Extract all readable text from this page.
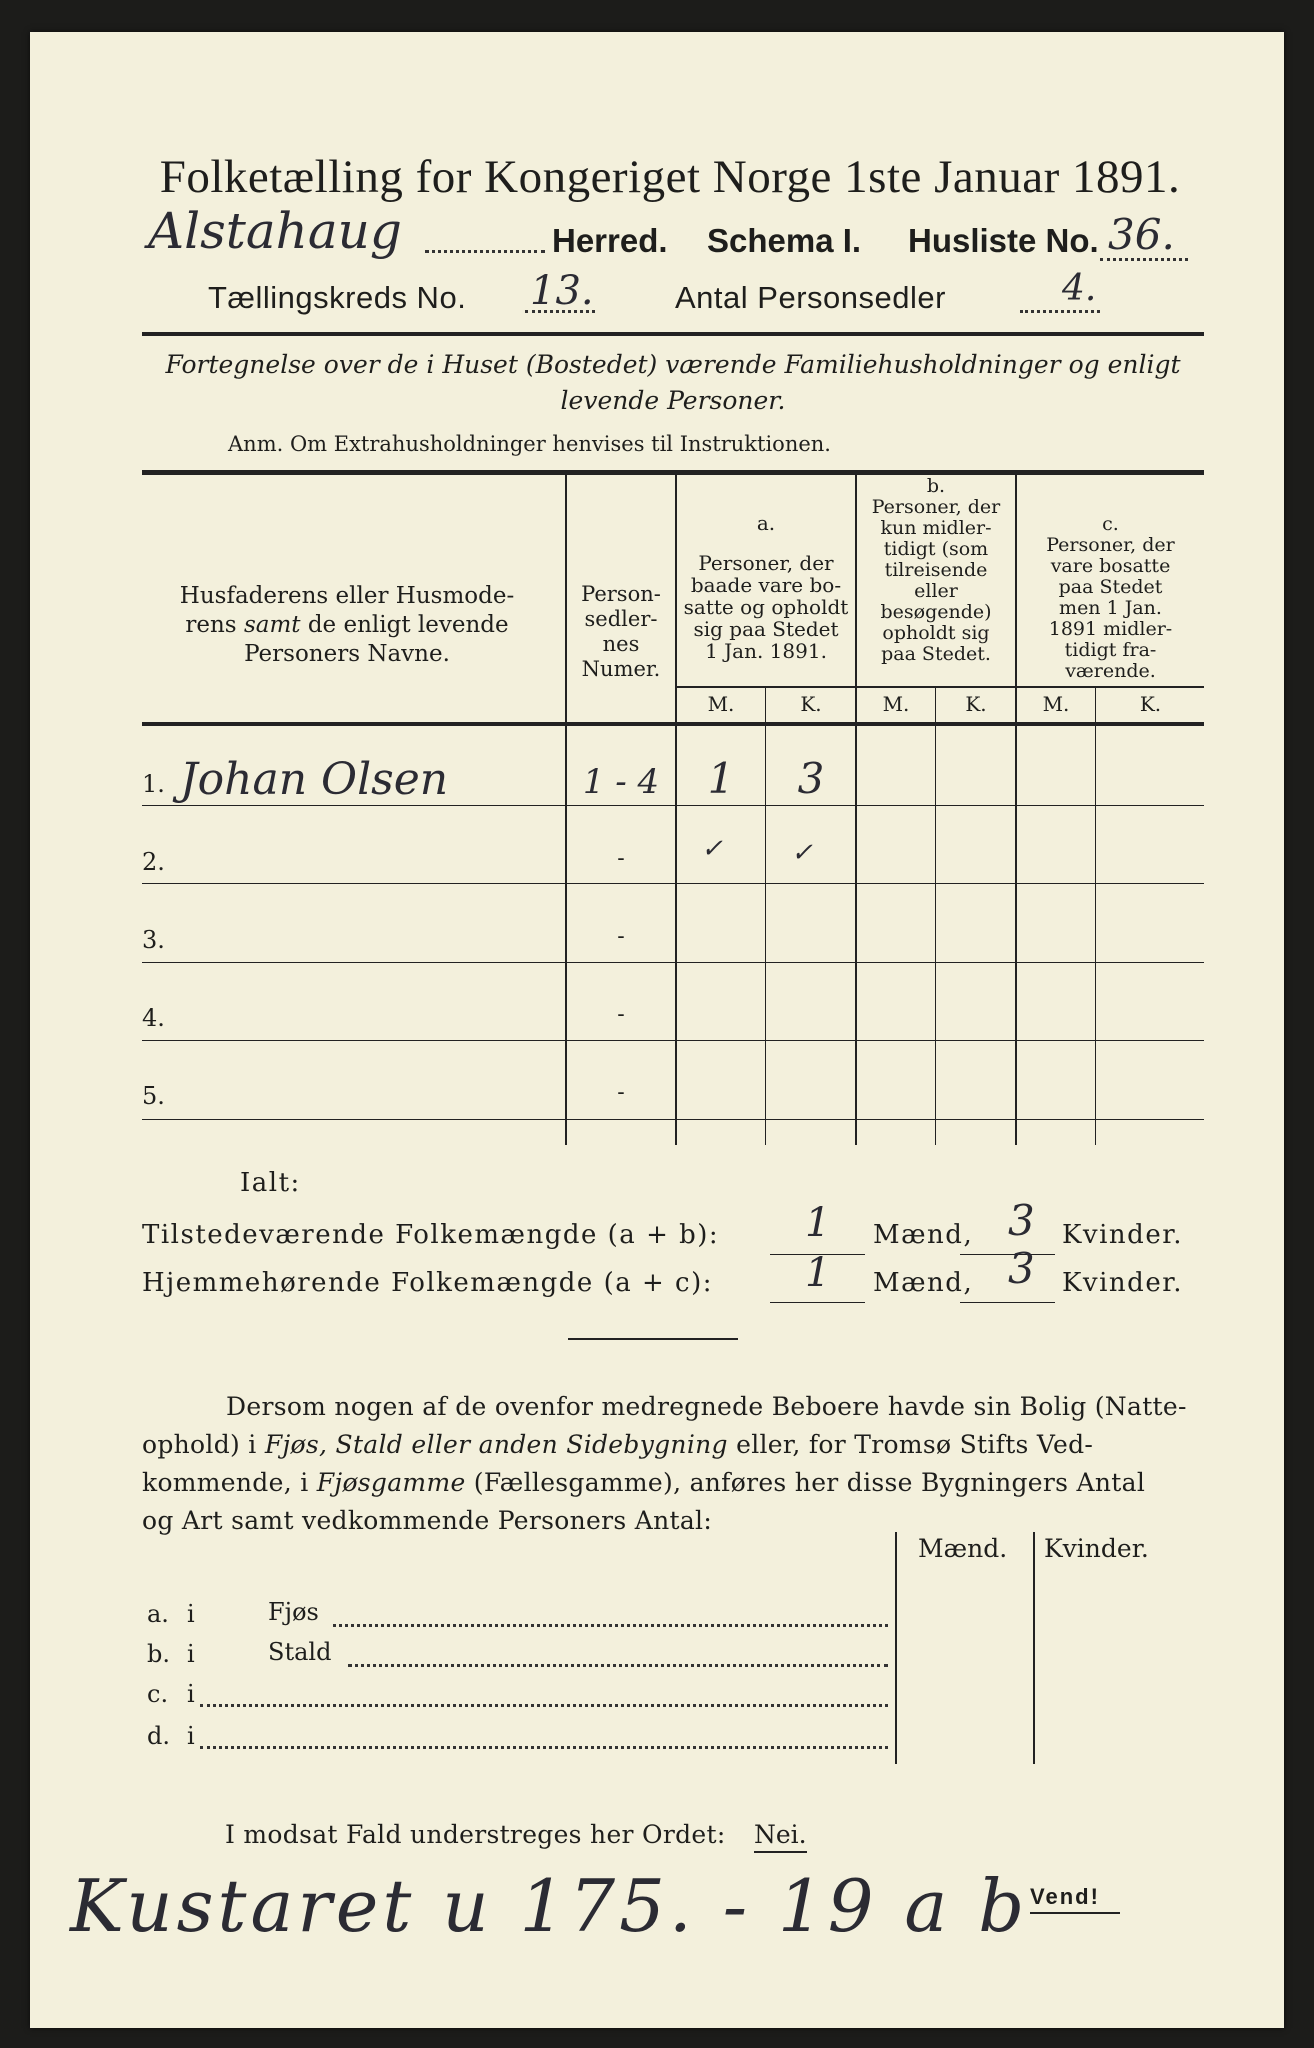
Folketælling for Kongeriget Norge 1ste Januar 1891.
Alstahaug	Herred. Schema I. Husliste No. 36.
Tællingskreds No. 13.	Antal Personsedler	4.
Fortegnelse over de i Huset (Bostedet) værende Familiehusholdninger og enligt
levende Personer.
Anm. Om Extrahusholdninger henvises til Instruktionen.
Husfaderens eller Husmode-
rens samt de enligt levende
Personers Navne.
Person-
sedler-
nes
Numer.
a.
Personer, der
baade vare bo-
satte og opholdt
sig paa Stedet
1 Jan. 1891.
b.
Personer, der
kun midler-
tidigt (som
tilreisende
eller
besøgende)
opholdt sig
paa Stedet.
c.
Personer, der
vare bosatte
paa Stedet
men 1 Jan.
1891 midler-
tidigt fra-
værende.
M.	K.	M.	K.	M.	K.
1. Johan Olsen	1 - 4	1	3
2.	-	✓	✓
3.	-
4.	-
5.	-
Ialt:
Tilstedeværende Folkemængde (a + b): 1 Mænd, 3 Kvinder.
Hjemmehørende Folkemængde (a + c): 1 Mænd, 3 Kvinder.
Dersom nogen af de ovenfor medregnede Beboere havde sin Bolig (Natte-
ophold) i Fjøs, Stald eller anden Sidebygning eller, for Tromsø Stifts Ved-
kommende, i Fjøsgamme (Fællesgamme), anføres her disse Bygningers Antal
og Art samt vedkommende Personers Antal:
Mænd. Kvinder.
a. i	Fjøs
b. i	Stald
c. i
d. i
I modsat Fald understreges her Ordet: Nei.
Kustaret u 175. - 19 a b Vend!
